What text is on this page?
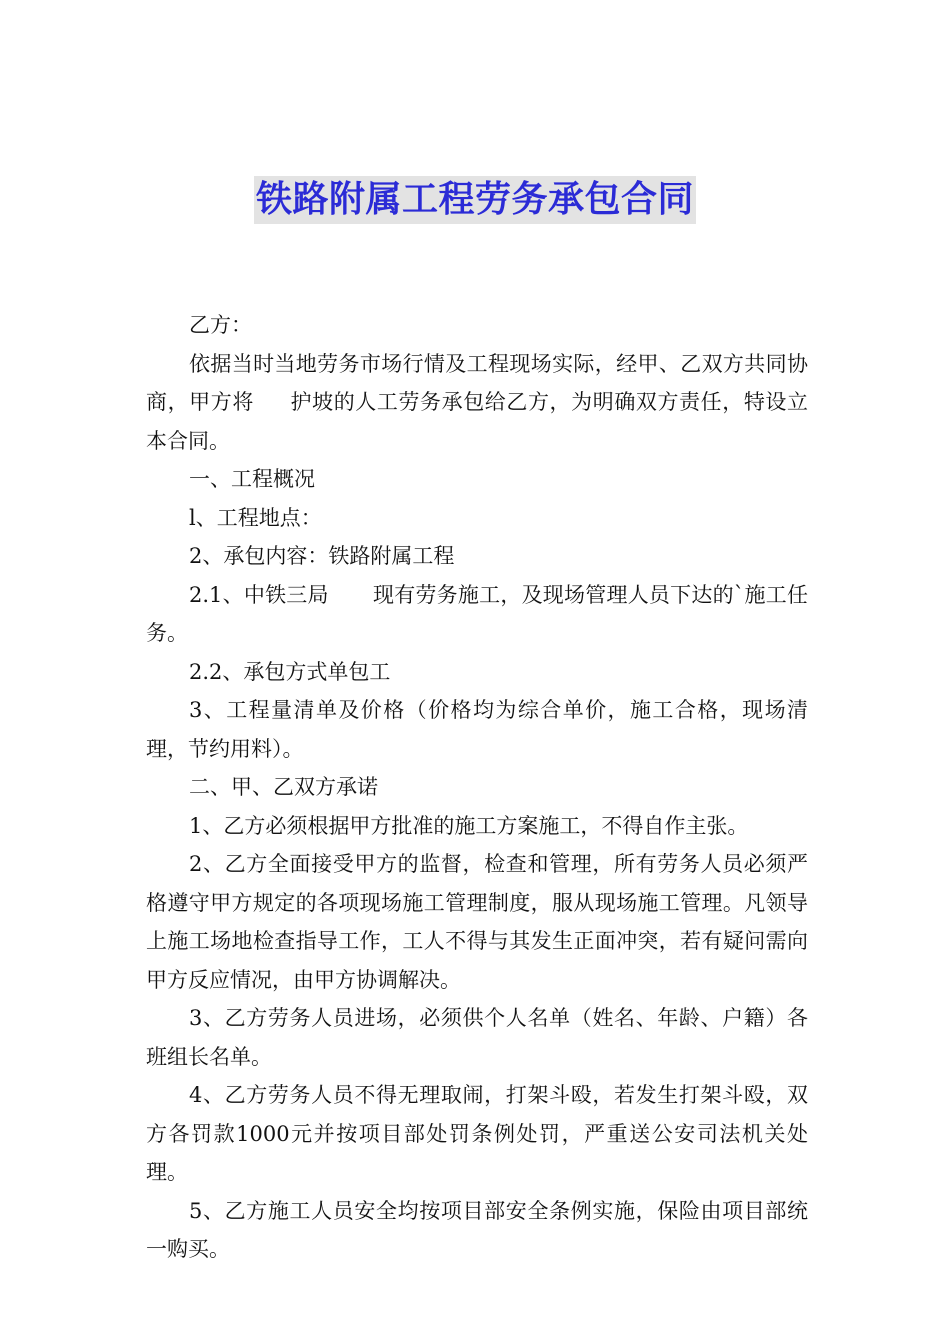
铁路附属工程劳务承包合同

乙方：

依据当时当地劳务市场行情及工程现场实际，经甲、乙双方共同协商，甲方将 护坡的人工劳务承包给乙方，为明确双方责任，特设立本合同。

一、工程概况

l、工程地点：

2、承包内容：铁路附属工程

2.1、中铁三局 现有劳务施工，及现场管理人员下达的`施工任务。

2.2、承包方式单包工

3、工程量清单及价格（价格均为综合单价，施工合格，现场清理，节约用料）。

二、甲、乙双方承诺

1、乙方必须根据甲方批准的施工方案施工，不得自作主张。

2、乙方全面接受甲方的监督，检查和管理，所有劳务人员必须严格遵守甲方规定的各项现场施工管理制度，服从现场施工管理。凡领导上施工场地检查指导工作，工人不得与其发生正面冲突，若有疑问需向甲方反应情况，由甲方协调解决。

3、乙方劳务人员进场，必须供个人名单（姓名、年龄、户籍）各班组长名单。

4、乙方劳务人员不得无理取闹，打架斗殴，若发生打架斗殴，双方各罚款1000元并按项目部处罚条例处罚，严重送公安司法机关处理。

5、乙方施工人员安全均按项目部安全条例实施，保险由项目部统一购买。
